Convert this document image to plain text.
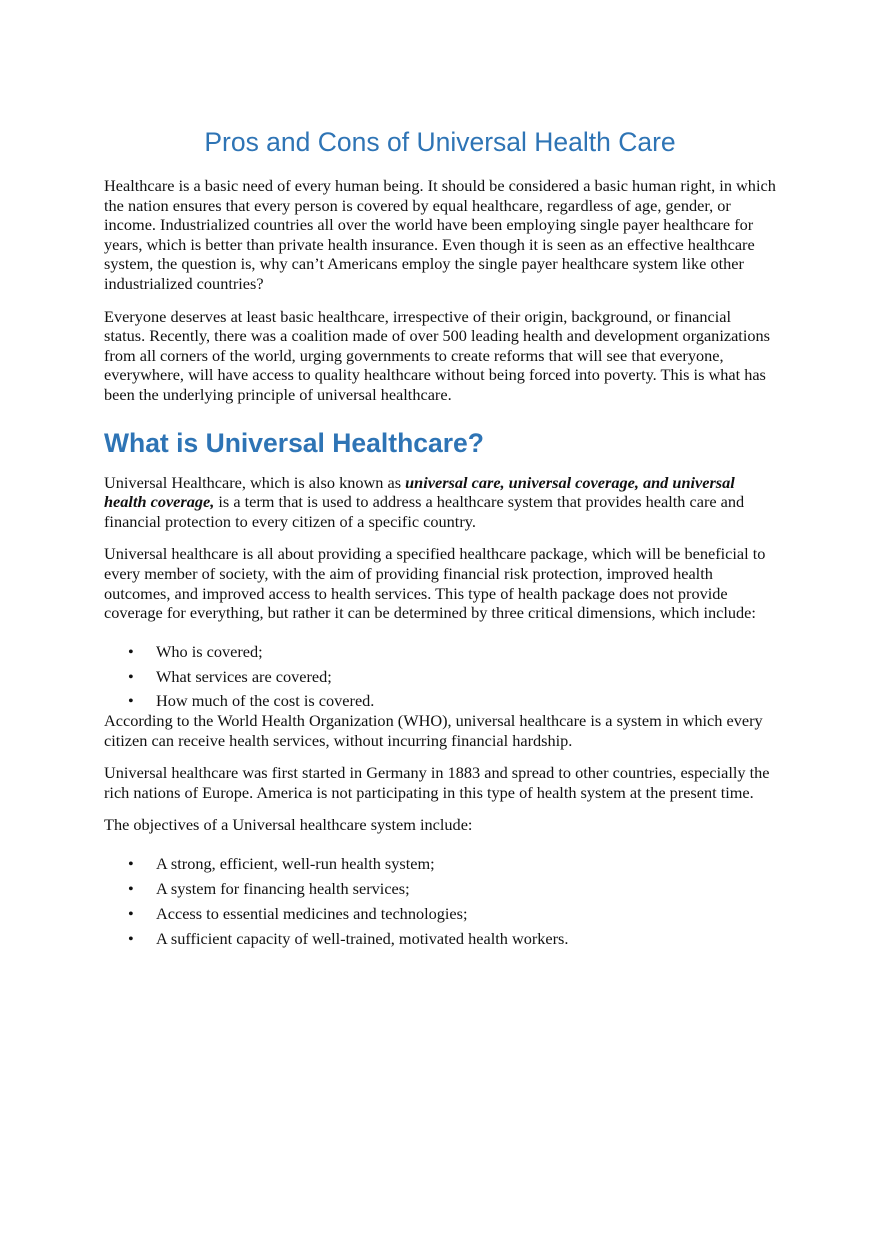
Pros and Cons of Universal Health Care

Healthcare is a basic need of every human being. It should be considered a basic human right, in which the nation ensures that every person is covered by equal healthcare, regardless of age, gender, or income. Industrialized countries all over the world have been employing single payer healthcare for years, which is better than private health insurance. Even though it is seen as an effective healthcare system, the question is, why can’t Americans employ the single payer healthcare system like other industrialized countries?

Everyone deserves at least basic healthcare, irrespective of their origin, background, or financial status. Recently, there was a coalition made of over 500 leading health and development organizations from all corners of the world, urging governments to create reforms that will see that everyone, everywhere, will have access to quality healthcare without being forced into poverty. This is what has been the underlying principle of universal healthcare.

What is Universal Healthcare?

Universal Healthcare, which is also known as universal care, universal coverage, and universal health coverage, is a term that is used to address a healthcare system that provides health care and financial protection to every citizen of a specific country.

Universal healthcare is all about providing a specified healthcare package, which will be beneficial to every member of society, with the aim of providing financial risk protection, improved health outcomes, and improved access to health services. This type of health package does not provide coverage for everything, but rather it can be determined by three critical dimensions, which include:

• Who is covered;
• What services are covered;
• How much of the cost is covered.

According to the World Health Organization (WHO), universal healthcare is a system in which every citizen can receive health services, without incurring financial hardship.

Universal healthcare was first started in Germany in 1883 and spread to other countries, especially the rich nations of Europe. America is not participating in this type of health system at the present time.

The objectives of a Universal healthcare system include:

• A strong, efficient, well-run health system;
• A system for financing health services;
• Access to essential medicines and technologies;
• A sufficient capacity of well-trained, motivated health workers.
